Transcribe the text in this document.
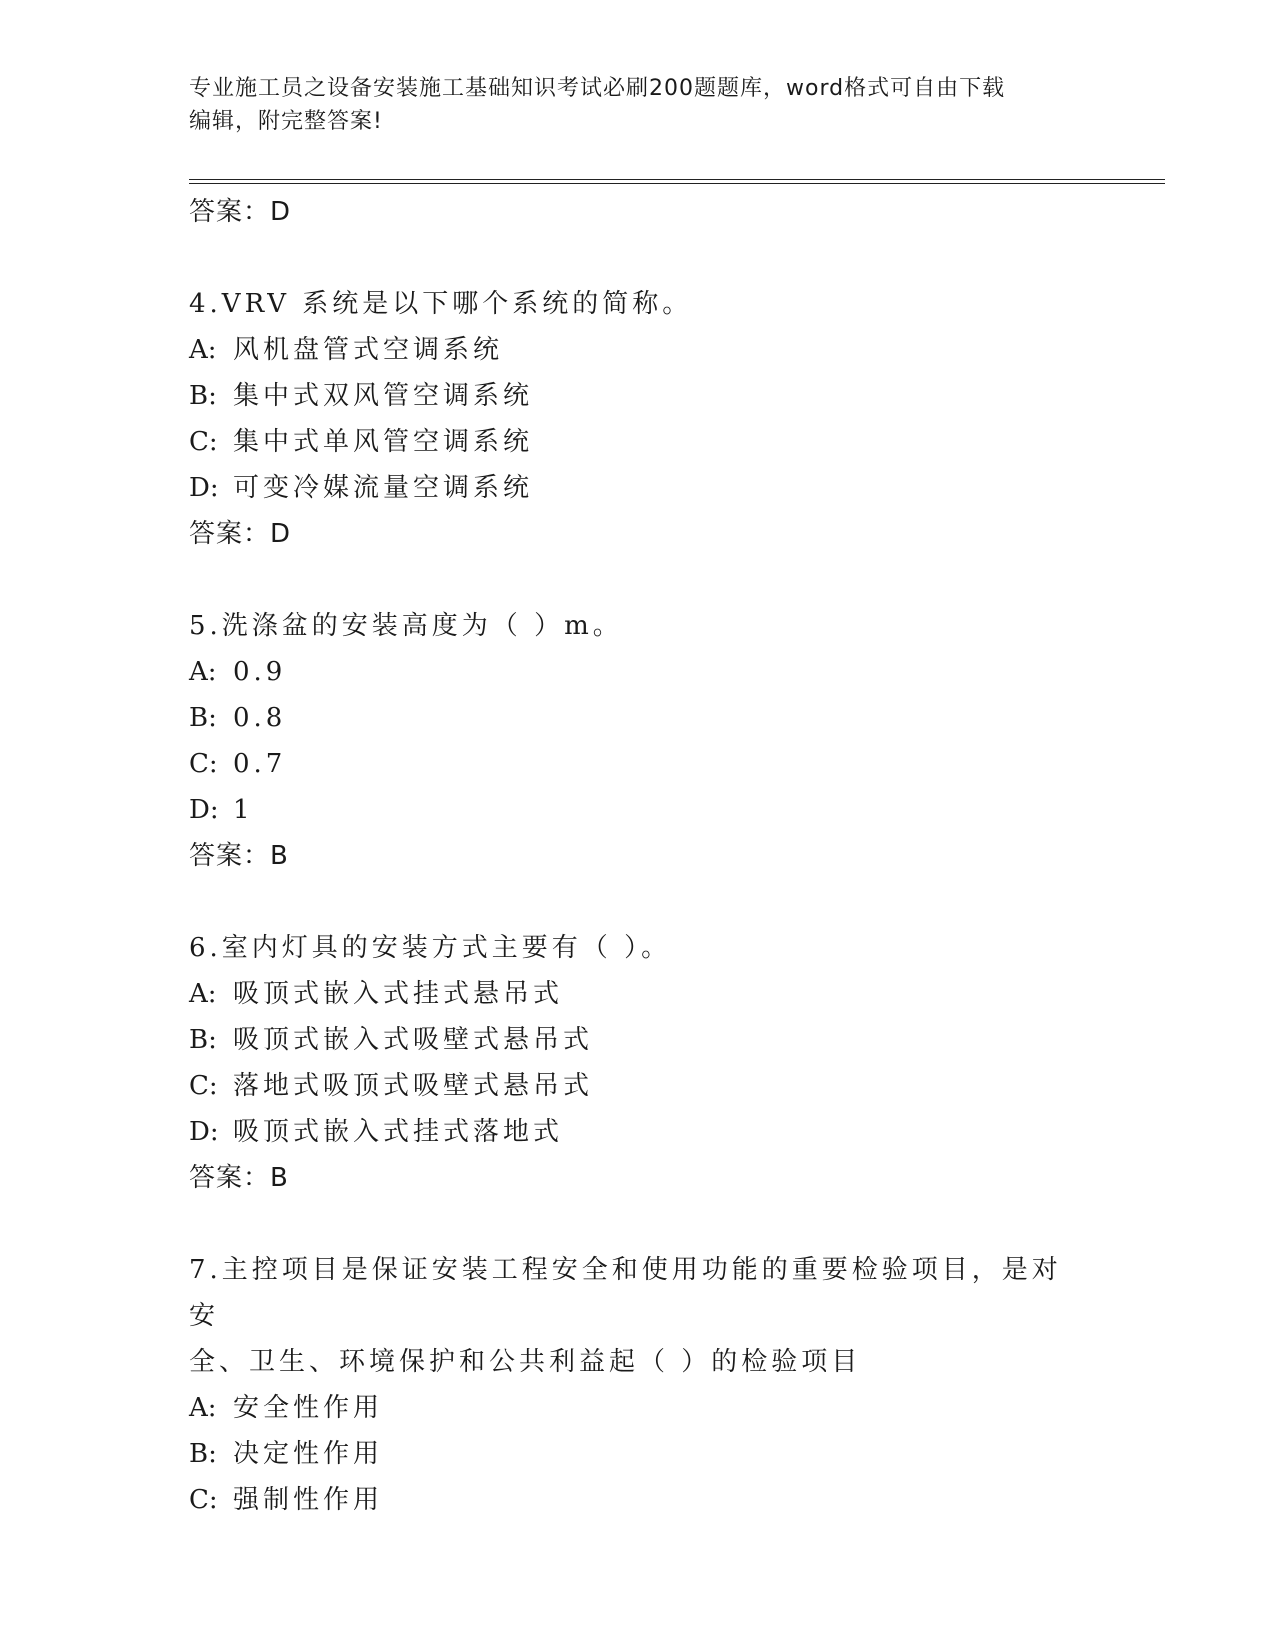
专业施工员之设备安装施工基础知识考试必刷200题题库，word格式可自由下载
编辑，附完整答案!
答案：D
4.VRV 系统是以下哪个系统的简称。
A: 风机盘管式空调系统
B: 集中式双风管空调系统
C: 集中式单风管空调系统
D: 可变冷媒流量空调系统
答案：D
5.洗涤盆的安装高度为（ ）m。
A: 0.9
B: 0.8
C: 0.7
D: 1
答案：B
6.室内灯具的安装方式主要有（ ）。
A: 吸顶式嵌入式挂式悬吊式
B: 吸顶式嵌入式吸壁式悬吊式
C: 落地式吸顶式吸壁式悬吊式
D: 吸顶式嵌入式挂式落地式
答案：B
7.主控项目是保证安装工程安全和使用功能的重要检验项目，是对安
全、卫生、环境保护和公共利益起（ ）的检验项目
A: 安全性作用
B: 决定性作用
C: 强制性作用
